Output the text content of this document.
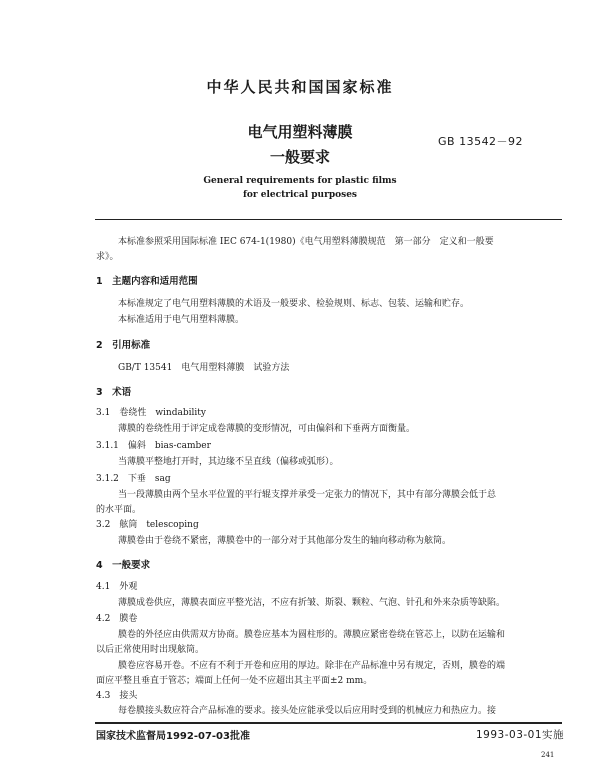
中华人民共和国国家标准
电气用塑料薄膜
一般要求
GB 13542－92
General requirements for plastic films
for electrical purposes
本标准参照采用国际标准 IEC 674-1(1980)《电气用塑料薄膜规范　第一部分　定义和一般要
求》。
1　主题内容和适用范围
本标准规定了电气用塑料薄膜的术语及一般要求、检验规则、标志、包装、运输和贮存。
本标准适用于电气用塑料薄膜。
2　引用标准
GB/T 13541　电气用塑料薄膜　试验方法
3　术语
3.1　卷绕性　windability
薄膜的卷绕性用于评定成卷薄膜的变形情况，可由偏斜和下垂两方面衡量。
3.1.1　偏斜　bias-camber
当薄膜平整地打开时，其边缘不呈直线（偏移或弧形）。
3.1.2　下垂　sag
当一段薄膜由两个呈水平位置的平行辊支撑并承受一定张力的情况下，其中有部分薄膜会低于总
的水平面。
3.2　舷筒　telescoping
薄膜卷由于卷绕不紧密，薄膜卷中的一部分对于其他部分发生的轴向移动称为舷筒。
4　一般要求
4.1　外观
薄膜成卷供应，薄膜表面应平整光洁，不应有折皱、斯裂、颗粒、气泡、针孔和外来杂质等缺陷。
4.2　膜卷
膜卷的外径应由供需双方协商。膜卷应基本为圆柱形的。薄膜应紧密卷绕在管芯上，以防在运输和
以后正常使用时出现舷筒。
膜卷应容易开卷。不应有不利于开卷和应用的厚边。除非在产品标准中另有规定，否则，膜卷的端
面应平整且垂直于管芯；端面上任何一处不应超出其主平面±2 mm。
4.3　接头
每卷膜接头数应符合产品标准的要求。接头处应能承受以后应用时受到的机械应力和热应力。接
国家技术监督局1992-07-03批准	1993-03-01实施
241
